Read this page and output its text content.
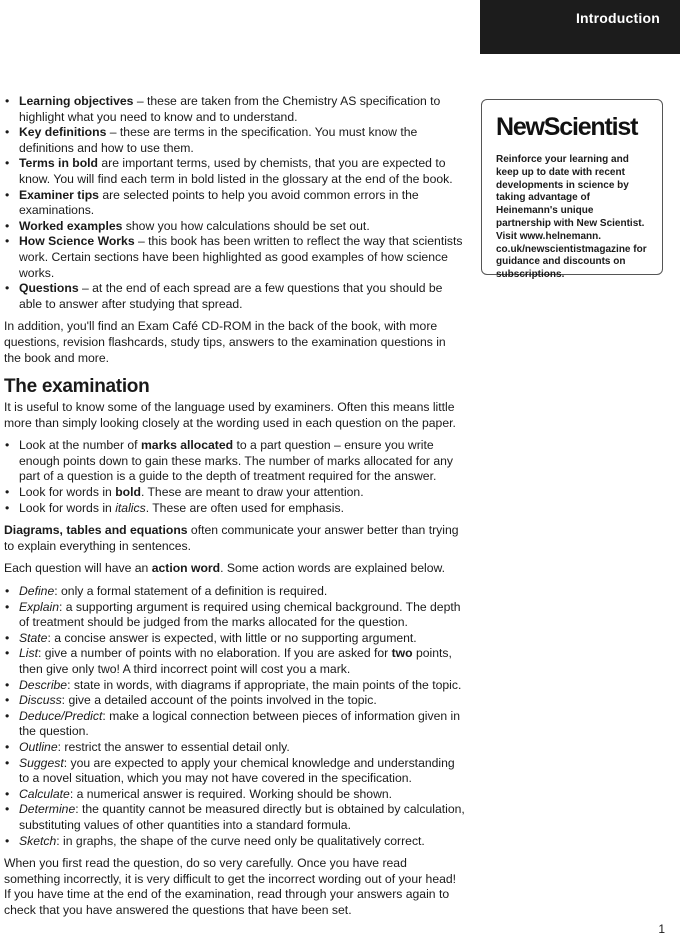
Introduction
• Learning objectives – these are taken from the Chemistry AS specification to highlight what you need to know and to understand.
• Key definitions – these are terms in the specification. You must know the definitions and how to use them.
• Terms in bold are important terms, used by chemists, that you are expected to know. You will find each term in bold listed in the glossary at the end of the book.
• Examiner tips are selected points to help you avoid common errors in the examinations.
• Worked examples show you how calculations should be set out.
• How Science Works – this book has been written to reflect the way that scientists work. Certain sections have been highlighted as good examples of how science works.
• Questions – at the end of each spread are a few questions that you should be able to answer after studying that spread.

In addition, you'll find an Exam Café CD-ROM in the back of the book, with more questions, revision flashcards, study tips, answers to the examination questions in the book and more.

The examination

It is useful to know some of the language used by examiners. Often this means little more than simply looking closely at the wording used in each question on the paper.

• Look at the number of marks allocated to a part question – ensure you write enough points down to gain these marks. The number of marks allocated for any part of a question is a guide to the depth of treatment required for the answer.
• Look for words in bold. These are meant to draw your attention.
• Look for words in italics. These are often used for emphasis.

Diagrams, tables and equations often communicate your answer better than trying to explain everything in sentences.

Each question will have an action word. Some action words are explained below.

• Define: only a formal statement of a definition is required.
• Explain: a supporting argument is required using chemical background. The depth of treatment should be judged from the marks allocated for the question.
• State: a concise answer is expected, with little or no supporting argument.
• List: give a number of points with no elaboration. If you are asked for two points, then give only two! A third incorrect point will cost you a mark.
• Describe: state in words, with diagrams if appropriate, the main points of the topic.
• Discuss: give a detailed account of the points involved in the topic.
• Deduce/Predict: make a logical connection between pieces of information given in the question.
• Outline: restrict the answer to essential detail only.
• Suggest: you are expected to apply your chemical knowledge and understanding to a novel situation, which you may not have covered in the specification.
• Calculate: a numerical answer is required. Working should be shown.
• Determine: the quantity cannot be measured directly but is obtained by calculation, substituting values of other quantities into a standard formula.
• Sketch: in graphs, the shape of the curve need only be qualitatively correct.

When you first read the question, do so very carefully. Once you have read something incorrectly, it is very difficult to get the incorrect wording out of your head! If you have time at the end of the examination, read through your answers again to check that you have answered the questions that have been set.

NewScientist
Reinforce your learning and keep up to date with recent developments in science by taking advantage of Heinemann's unique partnership with New Scientist. Visit www.helnemann. co.uk/newscientistmagazine for guidance and discounts on subscriptions.
1
